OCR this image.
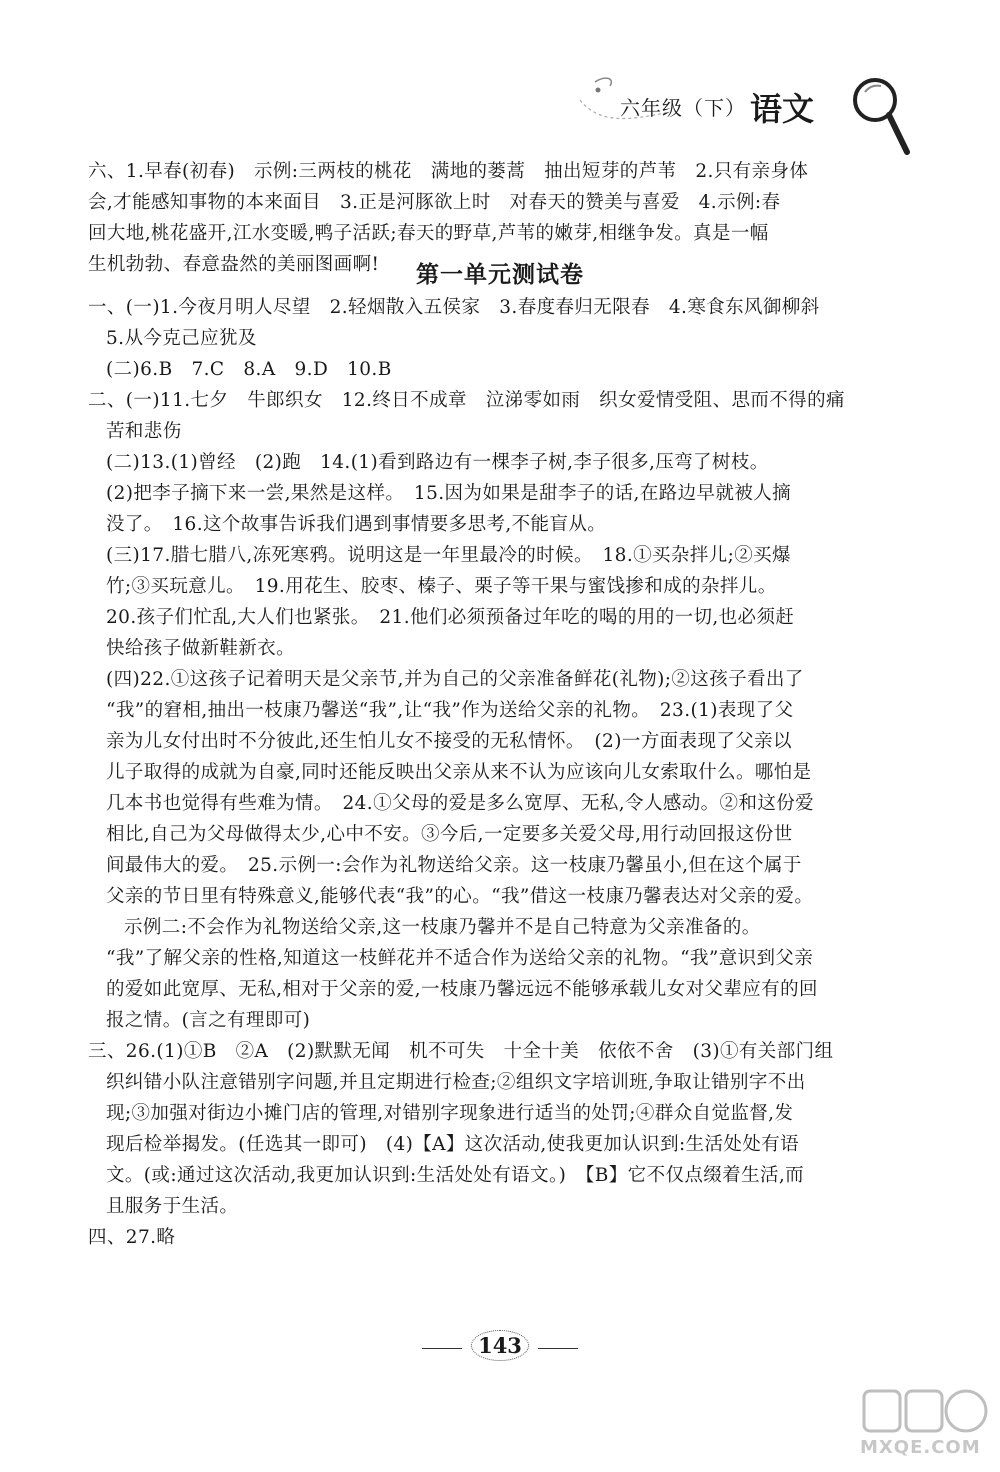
六年级（下） 语文

六、1.早春(初春)　示例:三两枝的桃花　满地的蒌蒿　抽出短芽的芦苇　2.只有亲身体

会,才能感知事物的本来面目　3.正是河豚欲上时　对春天的赞美与喜爱　4.示例:春

回大地,桃花盛开,江水变暖,鸭子活跃;春天的野草,芦苇的嫩芽,相继争发。真是一幅

生机勃勃、春意盎然的美丽图画啊!	第一单元测试卷

一、(一)1.今夜月明人尽望　2.轻烟散入五侯家　3.春度春归无限春　4.寒食东风御柳斜

5.从今克己应犹及

(二)6.B　7.C　8.A　9.D　10.B

二、(一)11.七夕　牛郎织女　12.终日不成章　泣涕零如雨　织女爱情受阻、思而不得的痛

苦和悲伤

(二)13.(1)曾经　(2)跑　14.(1)看到路边有一棵李子树,李子很多,压弯了树枝。

(2)把李子摘下来一尝,果然是这样。　15.因为如果是甜李子的话,在路边早就被人摘

没了。　16.这个故事告诉我们遇到事情要多思考,不能盲从。

(三)17.腊七腊八,冻死寒鸦。说明这是一年里最冷的时候。　18.①买杂拌儿;②买爆

竹;③买玩意儿。　19.用花生、胶枣、榛子、栗子等干果与蜜饯掺和成的杂拌儿。

20.孩子们忙乱,大人们也紧张。　21.他们必须预备过年吃的喝的用的一切,也必须赶

快给孩子做新鞋新衣。

(四)22.①这孩子记着明天是父亲节,并为自己的父亲准备鲜花(礼物);②这孩子看出了

“我”的窘相,抽出一枝康乃馨送“我”,让“我”作为送给父亲的礼物。　23.(1)表现了父

亲为儿女付出时不分彼此,还生怕儿女不接受的无私情怀。　(2)一方面表现了父亲以

儿子取得的成就为自豪,同时还能反映出父亲从来不认为应该向儿女索取什么。哪怕是

几本书也觉得有些难为情。　24.①父母的爱是多么宽厚、无私,令人感动。②和这份爱

相比,自己为父母做得太少,心中不安。③今后,一定要多关爱父母,用行动回报这份世

间最伟大的爱。　25.示例一:会作为礼物送给父亲。这一枝康乃馨虽小,但在这个属于

父亲的节日里有特殊意义,能够代表“我”的心。“我”借这一枝康乃馨表达对父亲的爱。

示例二:不会作为礼物送给父亲,这一枝康乃馨并不是自己特意为父亲准备的。

“我”了解父亲的性格,知道这一枝鲜花并不适合作为送给父亲的礼物。“我”意识到父亲

的爱如此宽厚、无私,相对于父亲的爱,一枝康乃馨远远不能够承载儿女对父辈应有的回

报之情。(言之有理即可)

三、26.(1)①B　②A　(2)默默无闻　机不可失　十全十美　依依不舍　(3)①有关部门组

织纠错小队注意错别字问题,并且定期进行检查;②组织文字培训班,争取让错别字不出

现;③加强对街边小摊门店的管理,对错别字现象进行适当的处罚;④群众自觉监督,发

现后检举揭发。(任选其一即可)　(4)【A】这次活动,使我更加认识到:生活处处有语

文。(或:通过这次活动,我更加认识到:生活处处有语文。)　【B】它不仅点缀着生活,而

且服务于生活。

四、27.略

143
MXQE.COM
